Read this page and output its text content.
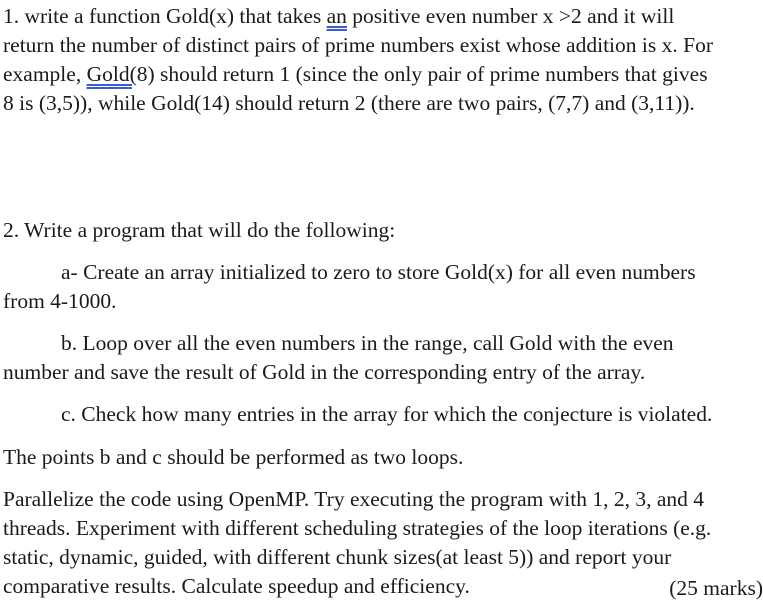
1. write a function Gold(x) that takes an positive even number x >2 and it will
return the number of distinct pairs of prime numbers exist whose addition is x. For
example, Gold(8) should return 1 (since the only pair of prime numbers that gives
8 is (3,5)), while Gold(14) should return 2 (there are two pairs, (7,7) and (3,11)).
2. Write a program that will do the following:
a- Create an array initialized to zero to store Gold(x) for all even numbers
from 4-1000.
b. Loop over all the even numbers in the range, call Gold with the even
number and save the result of Gold in the corresponding entry of the array.
c. Check how many entries in the array for which the conjecture is violated.
The points b and c should be performed as two loops.
Parallelize the code using OpenMP. Try executing the program with 1, 2, 3, and 4
threads. Experiment with different scheduling strategies of the loop iterations (e.g.
static, dynamic, guided, with different chunk sizes(at least 5)) and report your
comparative results. Calculate speedup and efficiency.	(25 marks)
